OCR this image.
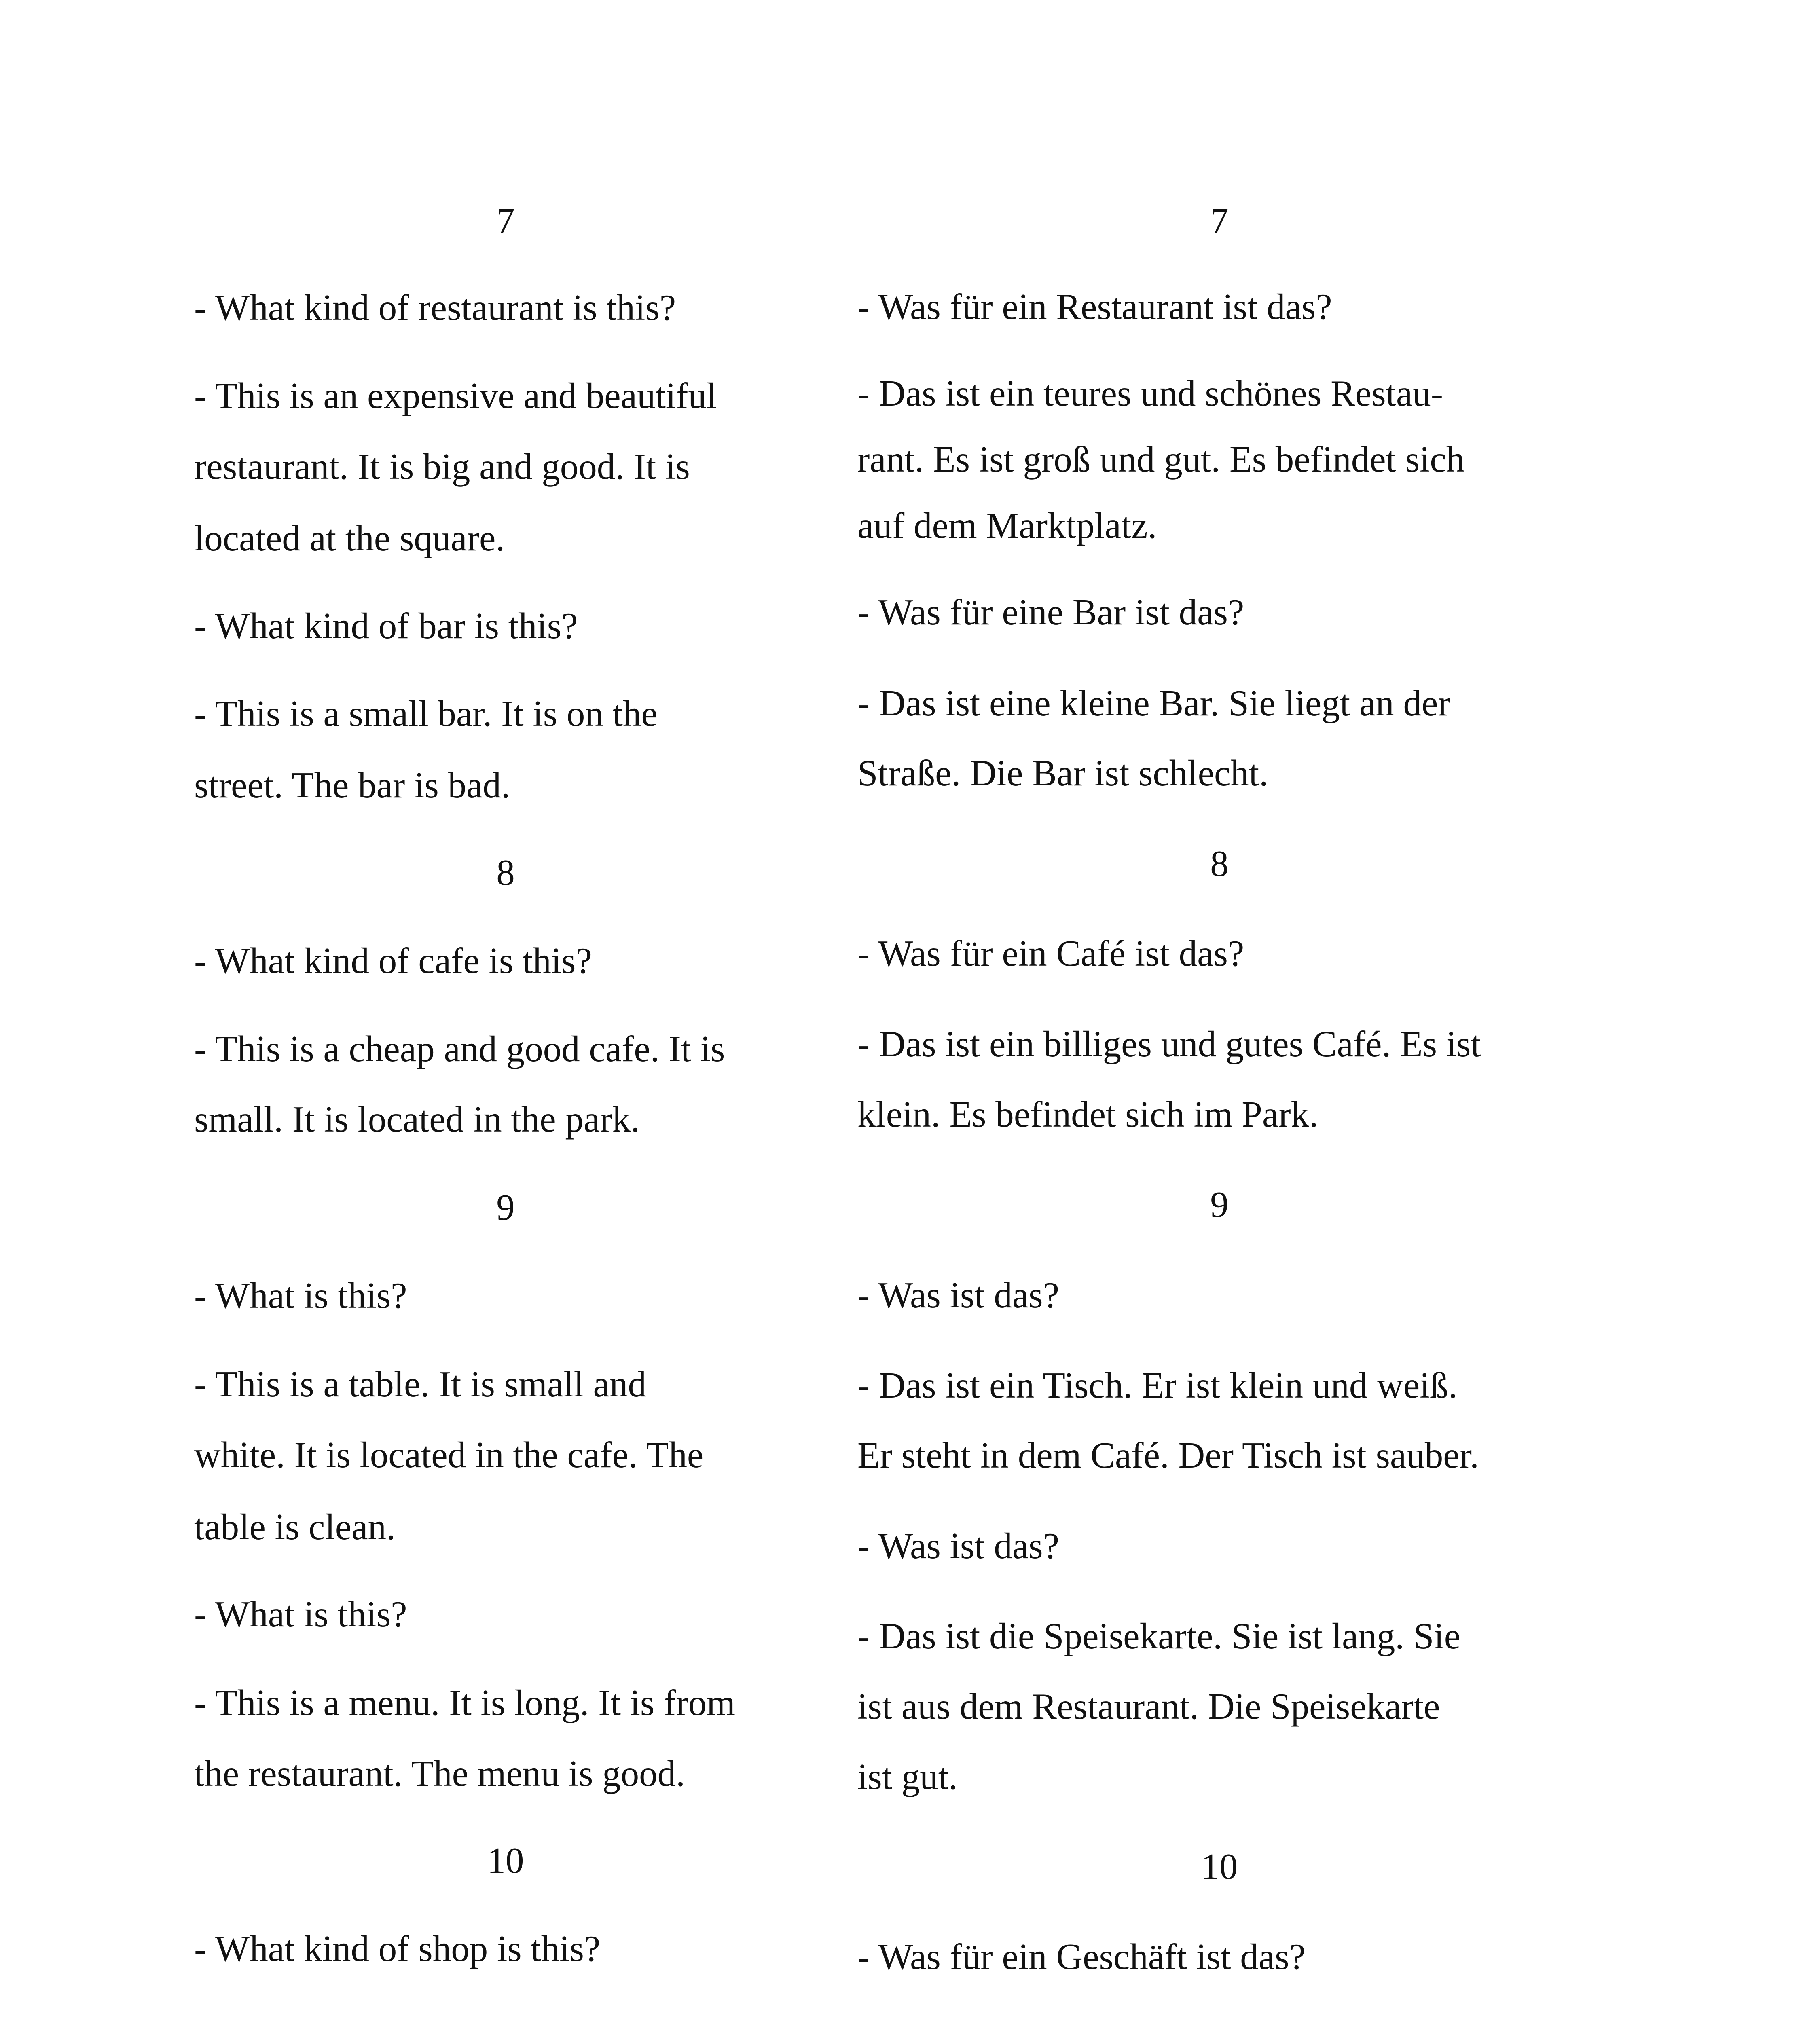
7

- What kind of restaurant is this?

- This is an expensive and beautiful

restaurant. It is big and good. It is

located at the square.

- What kind of bar is this?

- This is a small bar. It is on the

street. The bar is bad.

8

- What kind of cafe is this?

- This is a cheap and good cafe. It is

small. It is located in the park.

9

- What is this?

- This is a table. It is small and

white. It is located in the cafe. The

table is clean.

- What is this?

- This is a menu. It is long. It is from

the restaurant. The menu is good.

10

- What kind of shop is this?

7

- Was für ein Restaurant ist das?

- Das ist ein teures und schönes Restau-

rant. Es ist groß und gut. Es befindet sich

auf dem Marktplatz.

- Was für eine Bar ist das?

- Das ist eine kleine Bar. Sie liegt an der

Straße. Die Bar ist schlecht.

8

- Was für ein Café ist das?

- Das ist ein billiges und gutes Café. Es ist

klein. Es befindet sich im Park.

9

- Was ist das?

- Das ist ein Tisch. Er ist klein und weiß.

Er steht in dem Café. Der Tisch ist sauber.

- Was ist das?

- Das ist die Speisekarte. Sie ist lang. Sie

ist aus dem Restaurant. Die Speisekarte

ist gut.

10

- Was für ein Geschäft ist das?
